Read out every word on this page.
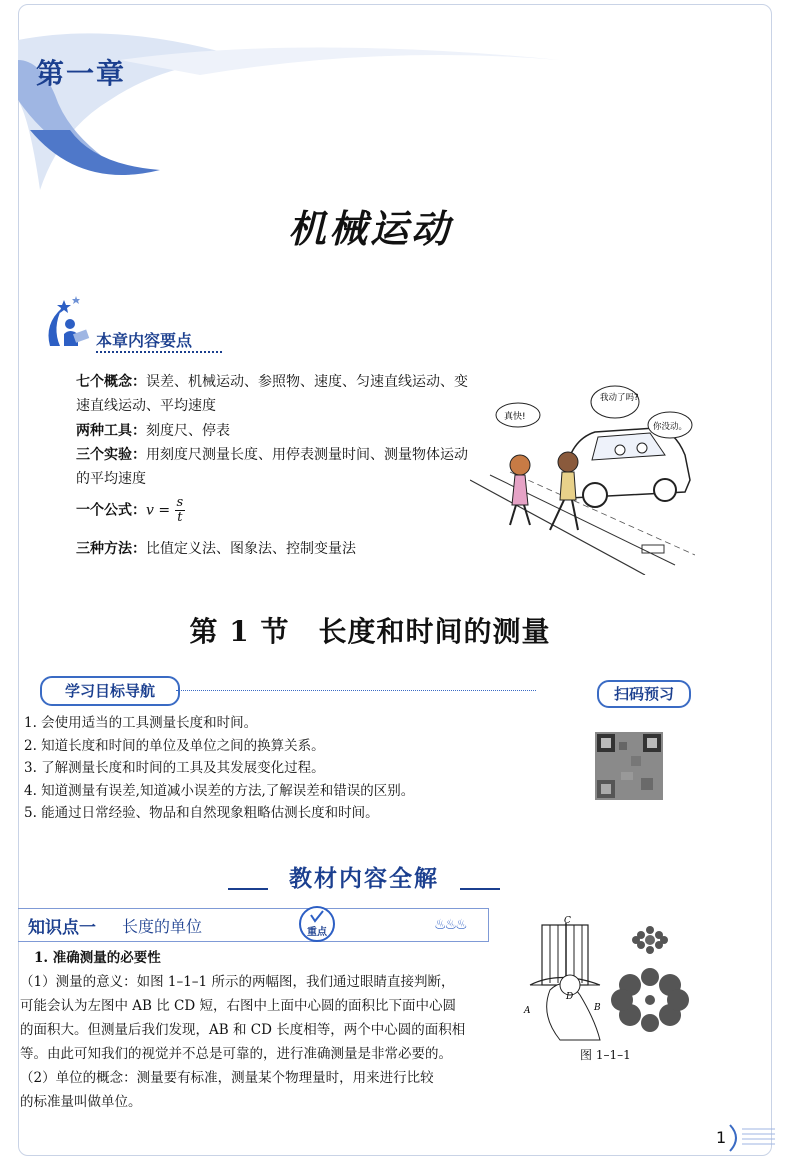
第一章
机械运动
本章内容要点
七个概念：误差、机械运动、参照物、速度、匀速直线运动、变速直线运动、平均速度
两种工具：刻度尺、停表
三个实验：用刻度尺测量长度、用停表测量时间、测量物体运动的平均速度
一个公式：$v = \frac{s}{t}$
三种方法：比值定义法、图象法、控制变量法
真快!
我动了吗?
你没动。
第 1 节　长度和时间的测量
学习目标导航	扫码预习
1. 会使用适当的工具测量长度和时间。
2. 知道长度和时间的单位及单位之间的换算关系。
3. 了解测量长度和时间的工具及其发展变化过程。
4. 知道测量有误差,知道减小误差的方法,了解误差和错误的区别。
5. 能通过日常经验、物品和自然现象粗略估测长度和时间。
教材内容全解
知识点一 长度的单位	重点	♨♨♨
1. 准确测量的必要性
（1）测量的意义：如图 1–1–1 所示的两幅图，我们通过眼睛直接判断，
可能会认为左图中 AB 比 CD 短，右图中上面中心圆的面积比下面中心圆
的面积大。但测量后我们发现，AB 和 CD 长度相等，两个中心圆的面积相
等。由此可知我们的视觉并不总是可靠的，进行准确测量是非常必要的。
（2）单位的概念：测量要有标准，测量某个物理量时，用来进行比较
的标准量叫做单位。
C
A	B
D
图 1–1–1
1
